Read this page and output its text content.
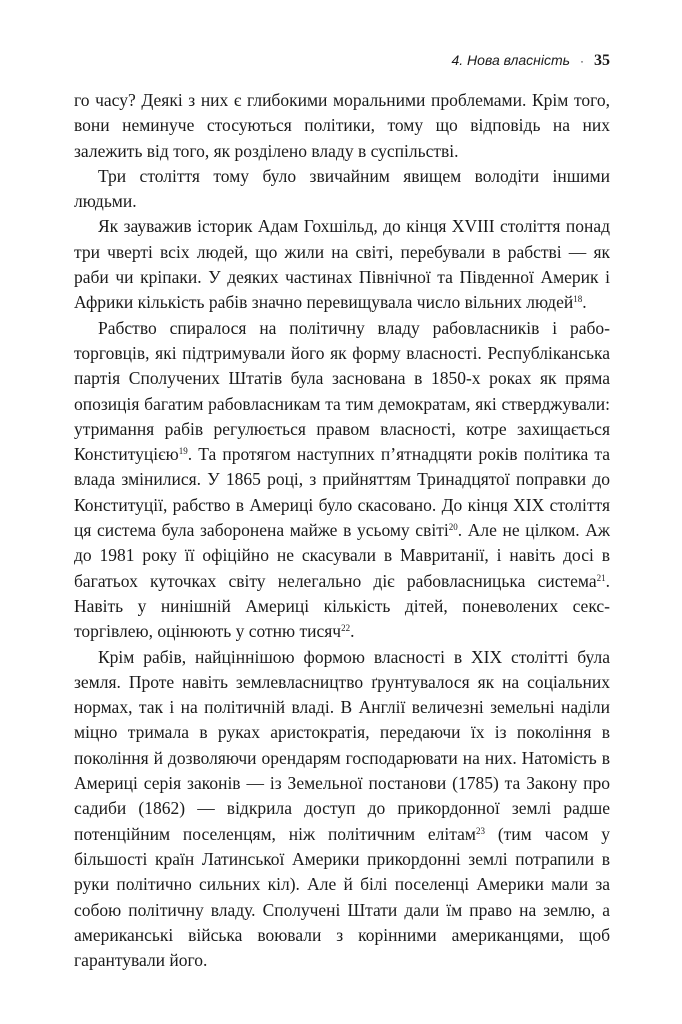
4. Нова власність · 35

го часу? Деякі з них є глибокими моральними проблемами. Крім того, вони неминуче стосуються політики, тому що відповідь на них залежить від того, як розділено владу в суспільстві.

Три століття тому було звичайним явищем володіти іншими людьми.

Як зауважив історик Адам Гохшільд, до кінця XVIII століття понад три чверті всіх людей, що жили на світі, перебували в рабстві — як раби чи кріпаки. У деяких частинах Північної та Південної Америк і Африки кількість рабів значно перевищувала число вільних людей$^{18}$.

Рабство спиралося на політичну владу рабовласників і работорговців, які підтримували його як форму власності. Республіканська партія Сполучених Штатів була заснована в 1850-х роках як пряма опозиція багатим рабовласникам та тим демократам, які стверджували: утримання рабів регулюється правом власності, котре захищається Конституцією$^{19}$. Та протягом наступних п’ятнадцяти років політика та влада змінилися. У 1865 році, з прийняттям Тринадцятої поправки до Конституції, рабство в Америці було скасовано. До кінця XIX століття ця система була заборонена майже в усьому світі$^{20}$. Але не цілком. Аж до 1981 року її офіційно не скасували в Мавританії, і навіть досі в багатьох куточках світу нелегально діє рабовласницька система$^{21}$. Навіть у нинішній Америці кількість дітей, поневолених секс-торгівлею, оцінюють у сотню тисяч$^{22}$.

Крім рабів, найціннішою формою власності в XIX столітті була земля. Проте навіть землевласництво ґрунтувалося як на соціальних нормах, так і на політичній владі. В Англії величезні земельні наділи міцно тримала в руках аристократія, передаючи їх із покоління в покоління й дозволяючи орендарям господарювати на них. Натомість в Америці серія законів — із Земельної постанови (1785) та Закону про садиби (1862) — відкрила доступ до прикордонної землі радше потенційним поселенцям, ніж політичним елітам$^{23}$ (тим часом у більшості країн Латинської Америки прикордонні землі потрапили в руки політично сильних кіл). Але й білі поселенці Америки мали за собою політичну владу. Сполучені Штати дали їм право на землю, а американські війська воювали з корінними американцями, щоб гарантували його.
